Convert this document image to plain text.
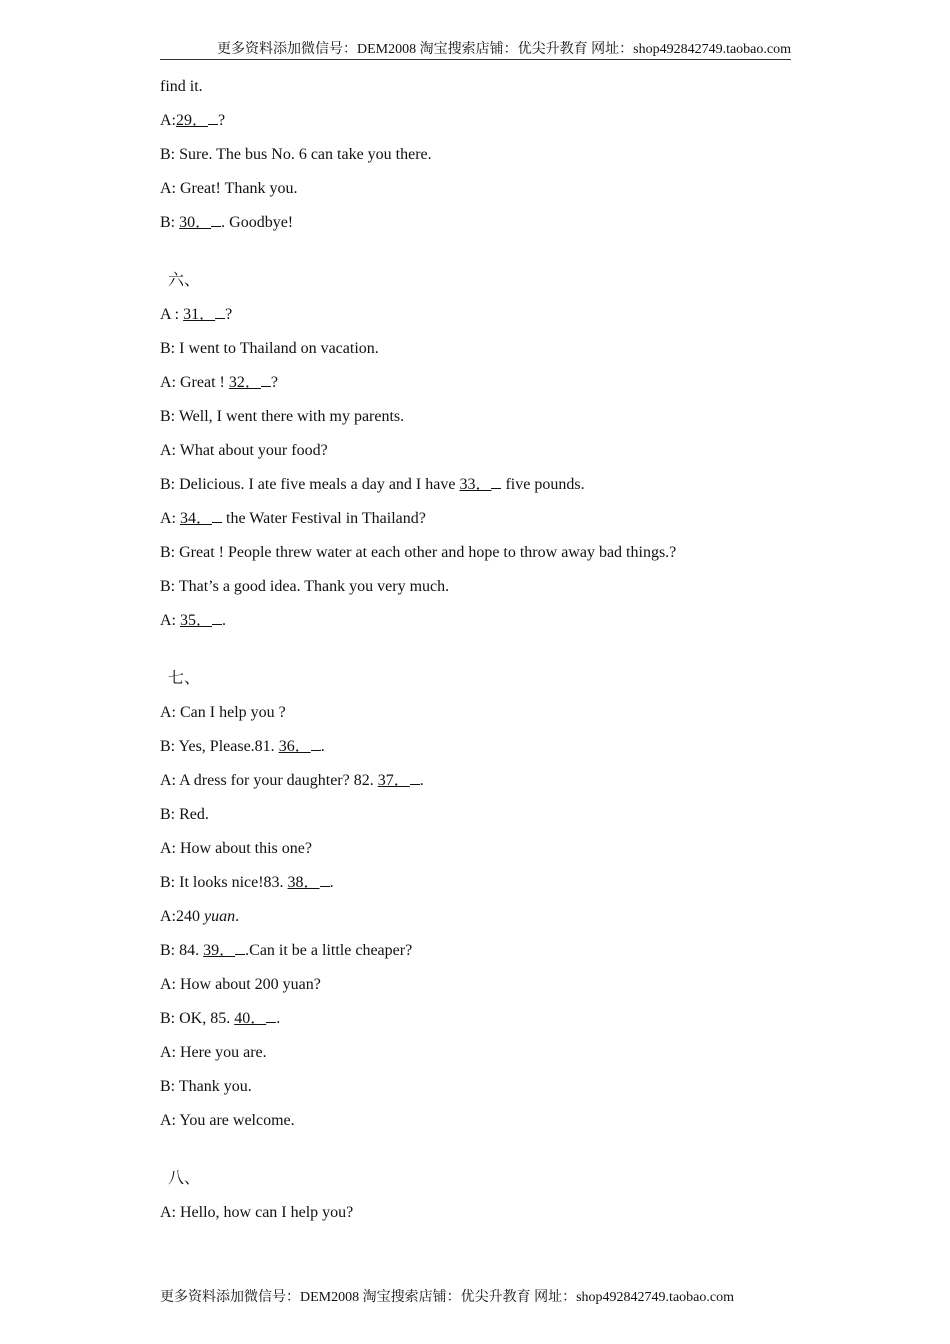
更多资料添加微信号：DEM2008 淘宝搜索店铺：优尖升教育 网址：shop492842749.taobao.com
find it.
A:29． ?
B: Sure. The bus No. 6 can take you there.
A: Great! Thank you.
B: 30． . Goodbye!
六、
A : 31． ?
B: I went to Thailand on vacation.
A: Great ! 32． ?
B: Well, I went there with my parents.
A: What about your food?
B: Delicious. I ate five meals a day and I have 33． five pounds.
A: 34． the Water Festival in Thailand?
B: Great ! People threw water at each other and hope to throw away bad things.?
B: That’s a good idea. Thank you very much.
A: 35． .
七、
A: Can I help you ?
B: Yes, Please.81. 36． .
A: A dress for your daughter? 82. 37． .
B: Red.
A: How about this one?
B: It looks nice!83. 38． .
A:240 yuan.
B: 84. 39． .Can it be a little cheaper?
A: How about 200 yuan?
B: OK, 85. 40． .
A: Here you are.
B: Thank you.
A: You are welcome.
八、
A: Hello, how can I help you?
更多资料添加微信号：DEM2008 淘宝搜索店铺：优尖升教育 网址：shop492842749.taobao.com
